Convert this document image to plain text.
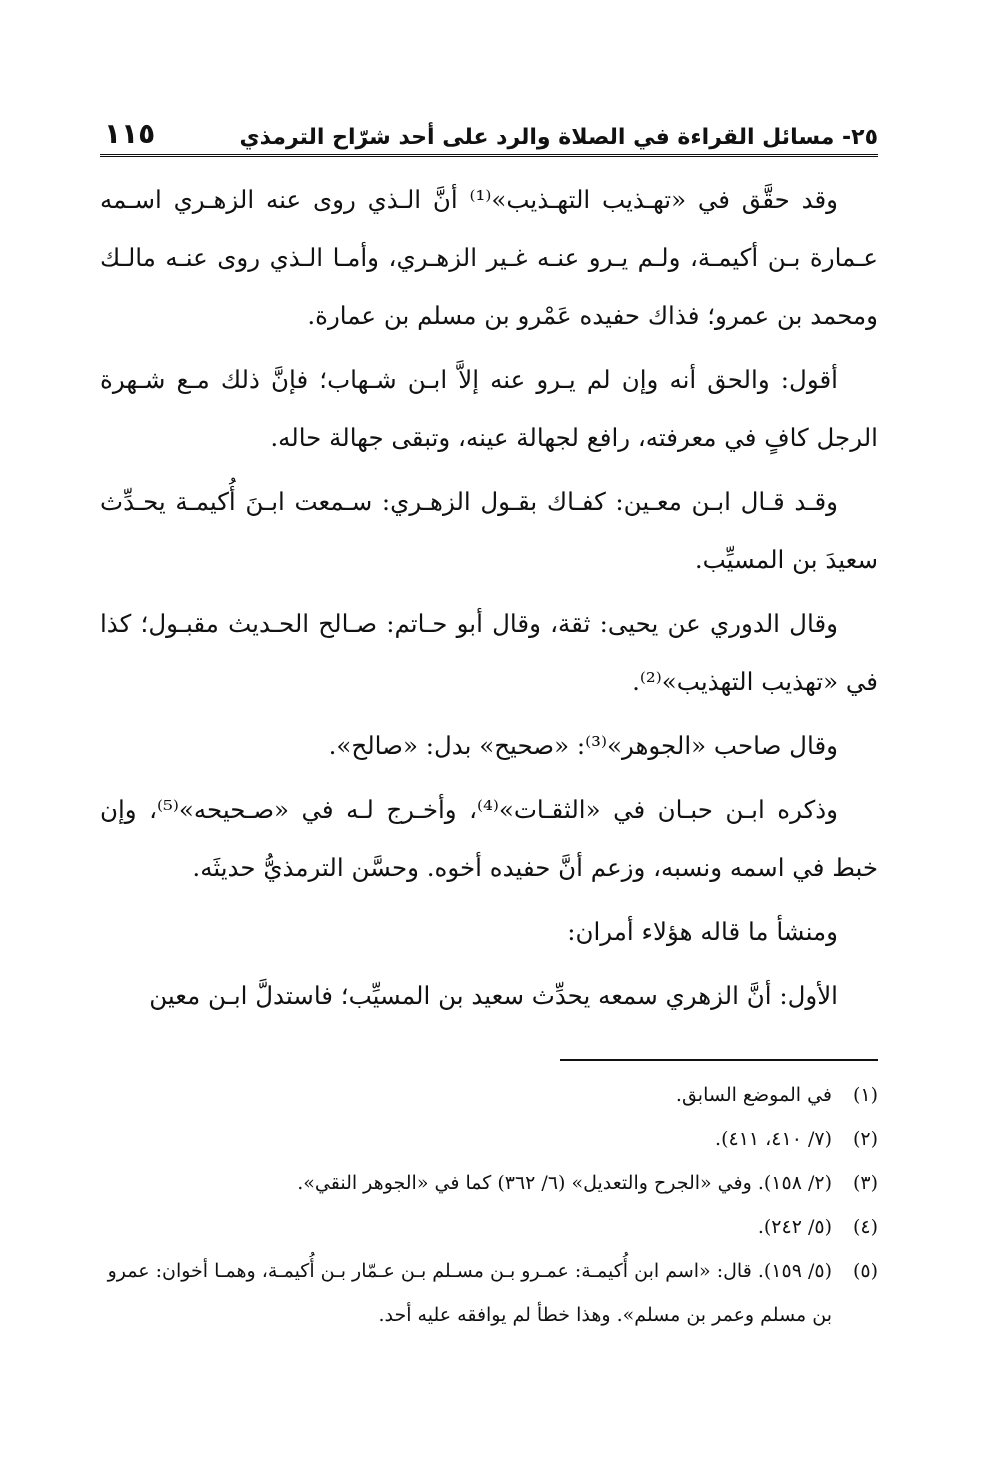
٢٥- مسائل القراءة في الصلاة والرد على أحد شرّاح الترمذي
١١٥

وقد حقَّق في «تهـذيب التهـذيب»⁽¹⁾ أنَّ الـذي روى عنه الزهـري اسـمه عـمارة بـن أكيمـة، ولـم يـرو عنـه غـير الزهـري، وأمـا الـذي روى عنـه مالـك ومحمد بن عمرو؛ فذاك حفيده عَمْرو بن مسلم بن عمارة.

أقول: والحق أنه وإن لم يـرو عنه إلاَّ ابـن شـهاب؛ فإنَّ ذلك مـع شـهرة الرجل كافٍ في معرفته، رافع لجهالة عينه، وتبقى جهالة حاله.

وقـد قـال ابـن معـين: كفـاك بقـول الزهـري: سـمعت ابـنَ أُكيمـة يحـدِّث سعيدَ بن المسيِّب.

وقال الدوري عن يحيى: ثقة، وقال أبو حـاتم: صـالح الحـديث مقبـول؛ كذا في «تهذيب التهذيب»⁽²⁾.

وقال صاحب «الجوهر»⁽³⁾: «صحيح» بدل: «صالح».

وذكره ابـن حبـان في «الثقـات»⁽⁴⁾، وأخـرج لـه في «صـحيحه»⁽⁵⁾، وإن خبط في اسمه ونسبه، وزعم أنَّ حفيده أخوه. وحسَّن الترمذيُّ حديثَه.

ومنشأ ما قاله هؤلاء أمران:

الأول: أنَّ الزهري سمعه يحدِّث سعيد بن المسيِّب؛ فاستدلَّ ابـن معين

(١)
في الموضع السابق.
(٢)
(٧/ ٤١٠، ٤١١).
(٣)
(٢/ ١٥٨). وفي «الجرح والتعديل» (٦/ ٣٦٢) كما في «الجوهر النقي».
(٤)
(٥/ ٢٤٢).
(٥)
(٥/ ١٥٩). قال: «اسم ابن أُكيمـة: عمـرو بـن مسـلم بـن عـمّار بـن أُكيمـة، وهمـا أخوان: عمرو بن مسلم وعمر بن مسلم». وهذا خطأ لم يوافقه عليه أحد.
